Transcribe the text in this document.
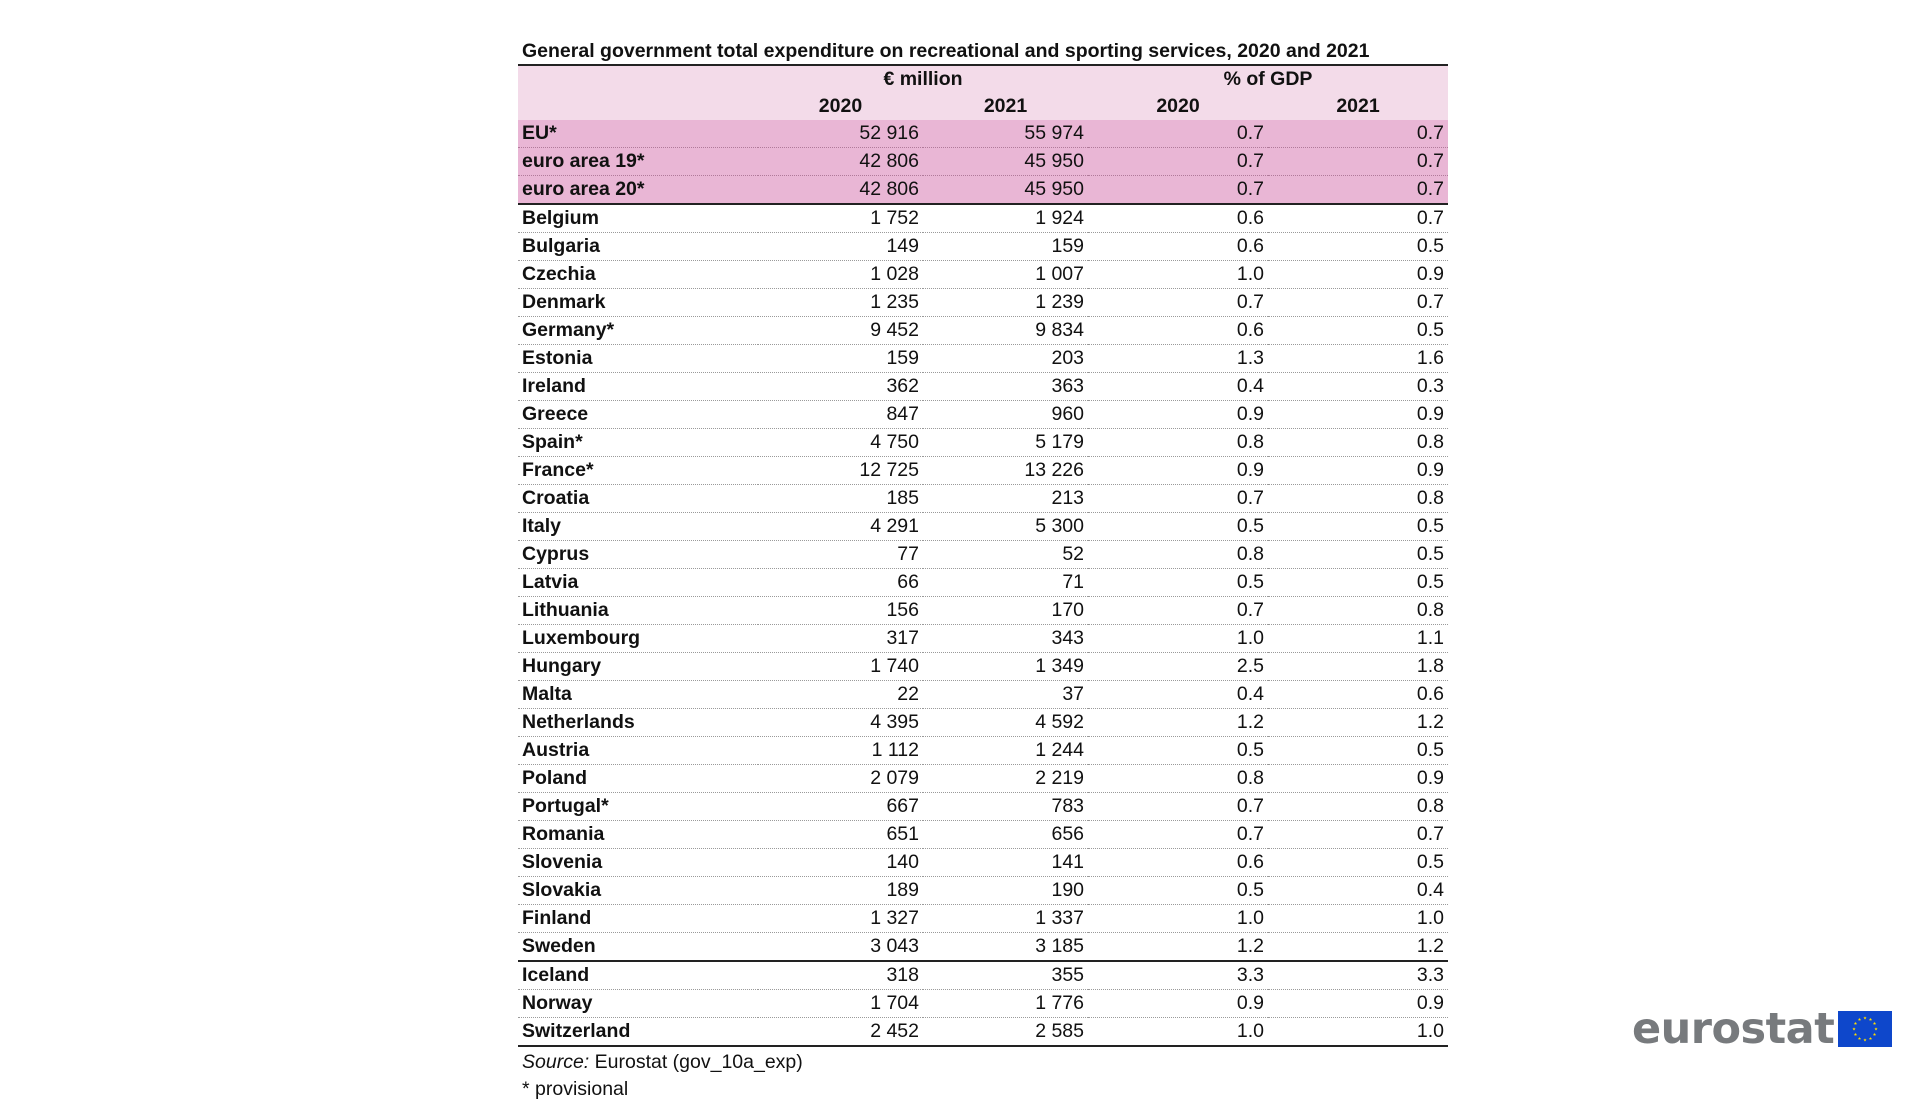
General government total expenditure on recreational and sporting services, 2020 and 2021
	€ million		% of GDP	
	2020	2021	2020	2021
EU*	52 916	55 974	0.7	0.7
euro area 19*	42 806	45 950	0.7	0.7
euro area 20*	42 806	45 950	0.7	0.7
Belgium	1 752	1 924	0.6	0.7
Bulgaria	149	159	0.6	0.5
Czechia	1 028	1 007	1.0	0.9
Denmark	1 235	1 239	0.7	0.7
Germany*	9 452	9 834	0.6	0.5
Estonia	159	203	1.3	1.6
Ireland	362	363	0.4	0.3
Greece	847	960	0.9	0.9
Spain*	4 750	5 179	0.8	0.8
France*	12 725	13 226	0.9	0.9
Croatia	185	213	0.7	0.8
Italy	4 291	5 300	0.5	0.5
Cyprus	77	52	0.8	0.5
Latvia	66	71	0.5	0.5
Lithuania	156	170	0.7	0.8
Luxembourg	317	343	1.0	1.1
Hungary	1 740	1 349	2.5	1.8
Malta	22	37	0.4	0.6
Netherlands	4 395	4 592	1.2	1.2
Austria	1 112	1 244	0.5	0.5
Poland	2 079	2 219	0.8	0.9
Portugal*	667	783	0.7	0.8
Romania	651	656	0.7	0.7
Slovenia	140	141	0.6	0.5
Slovakia	189	190	0.5	0.4
Finland	1 327	1 337	1.0	1.0
Sweden	3 043	3 185	1.2	1.2
Iceland	318	355	3.3	3.3
Norway	1 704	1 776	0.9	0.9
Switzerland	2 452	2 585	1.0	1.0
Source: Eurostat (gov_10a_exp)
* provisional
eurostat
